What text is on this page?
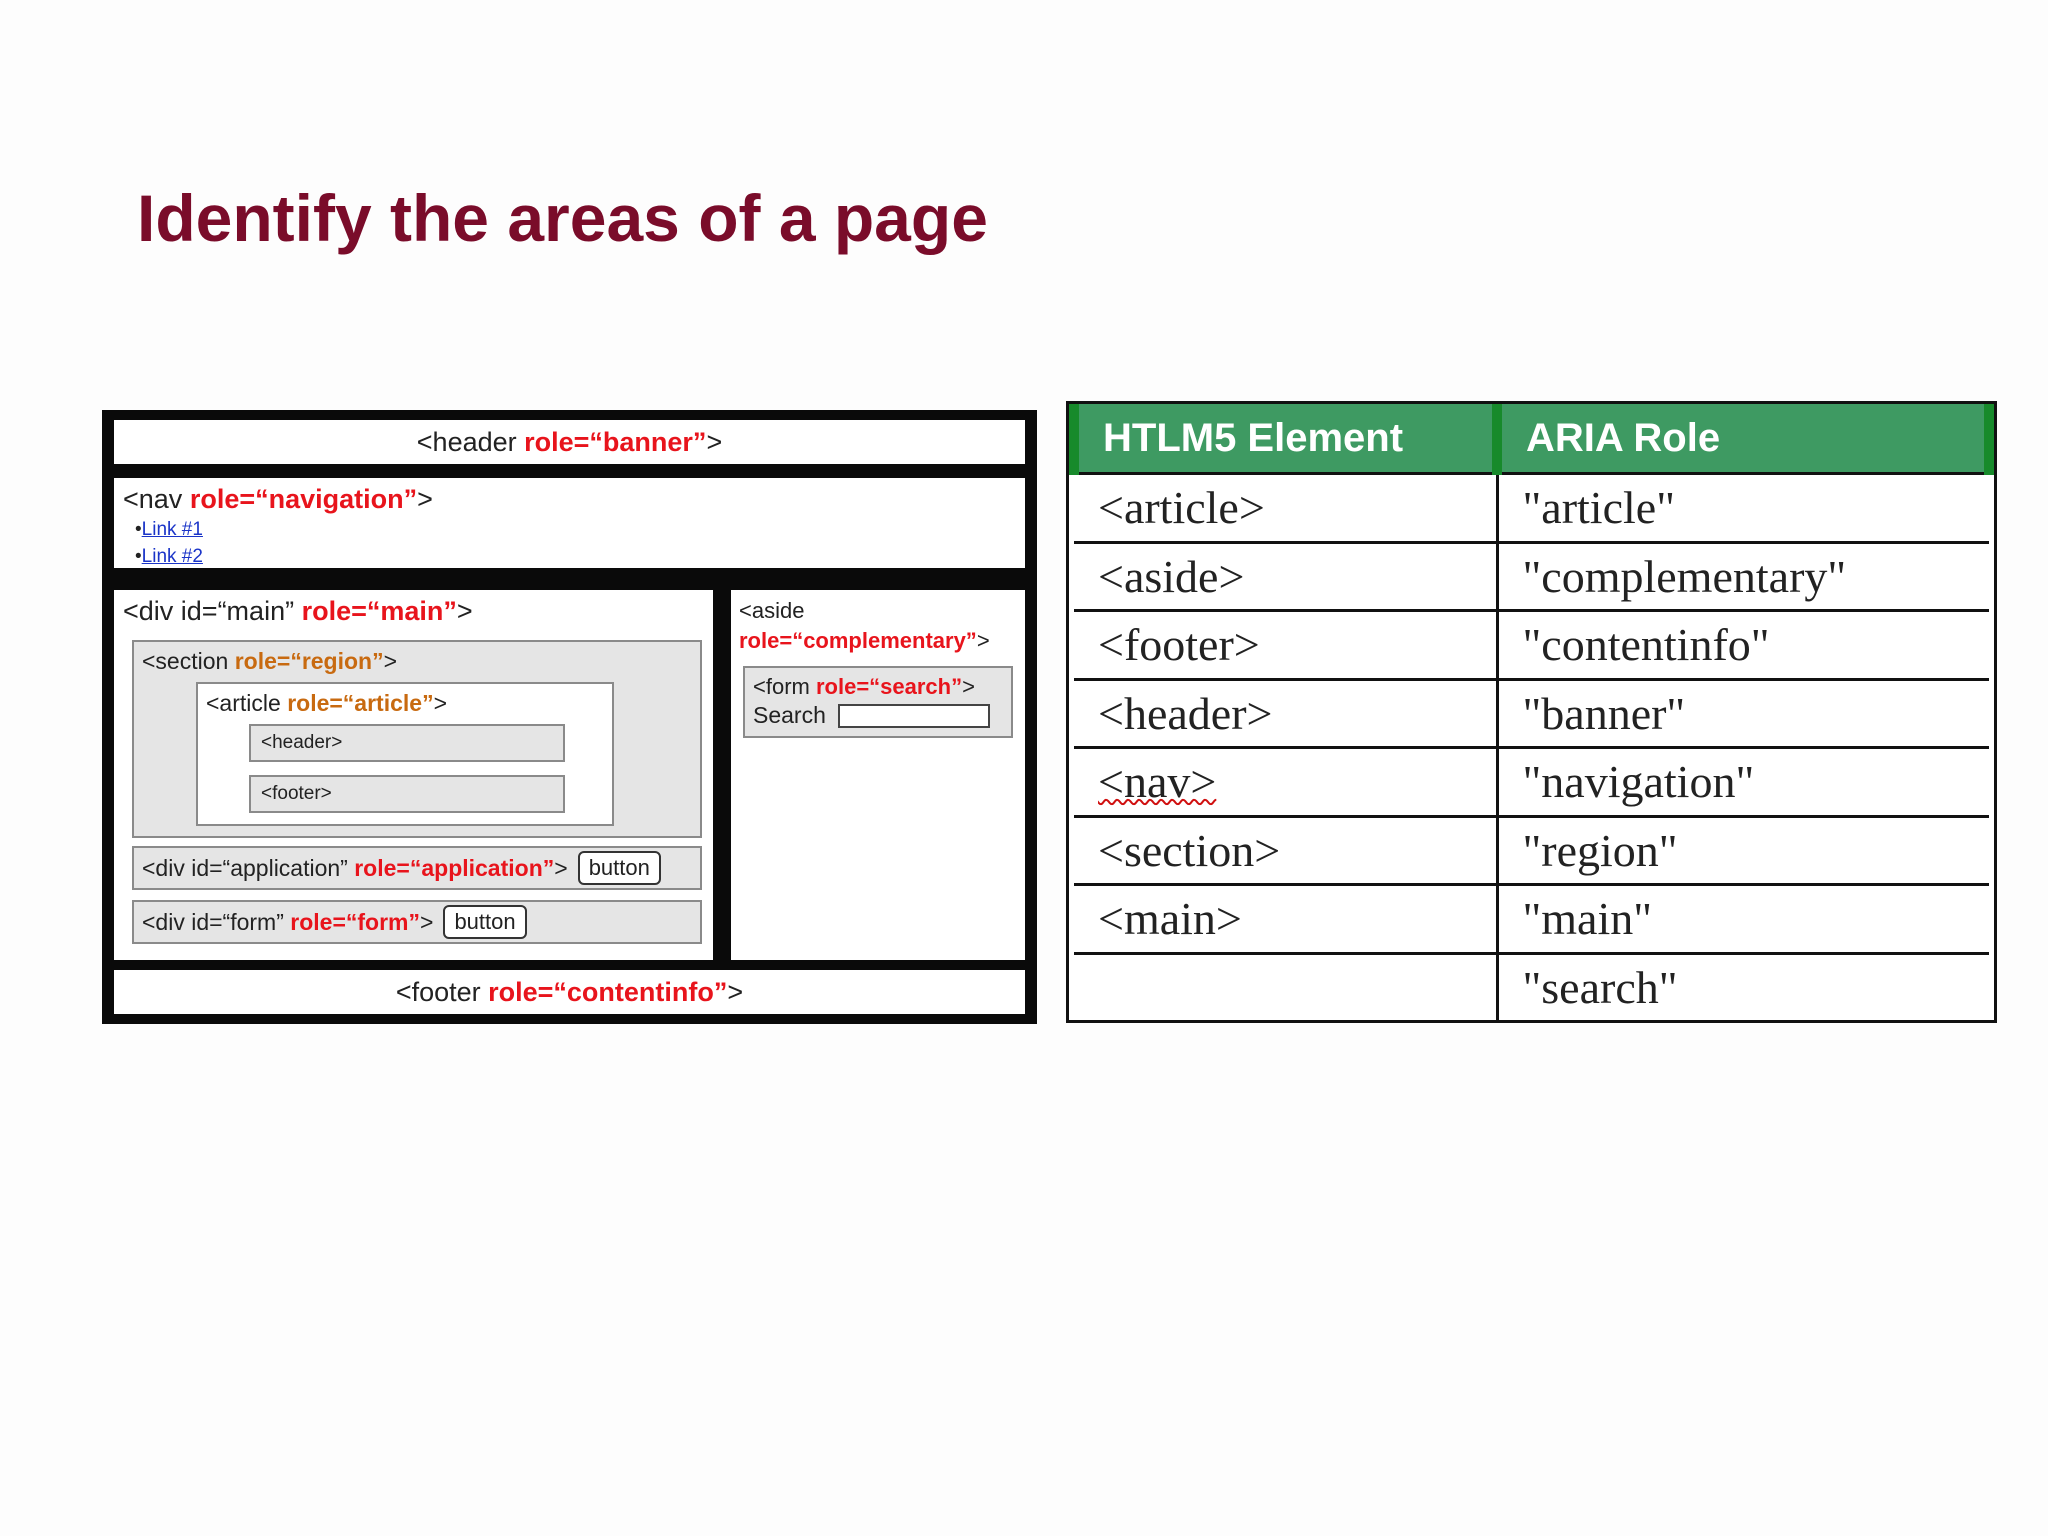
Identify the areas of a page
<header role=“banner” >
<nav role=“navigation”>
•Link #1
•Link #2
<div id=“main” role=“main”>
<section role=“region”>
<article role=“article”>
<header>
<footer>
<div id=“application” role=“application” > button
<div id=“form” role=“form” > button
<aside
role=“complementary”>
<form role=“search”>
Search
<footer role=“contentinfo” >
HTLM5 Element	ARIA Role
<article>	"article"
<aside>	"complementary"
<footer>	"contentinfo"
<header>	"banner"
<nav>	"navigation"
<section>	"region"
<main>	"main"
	"search"
